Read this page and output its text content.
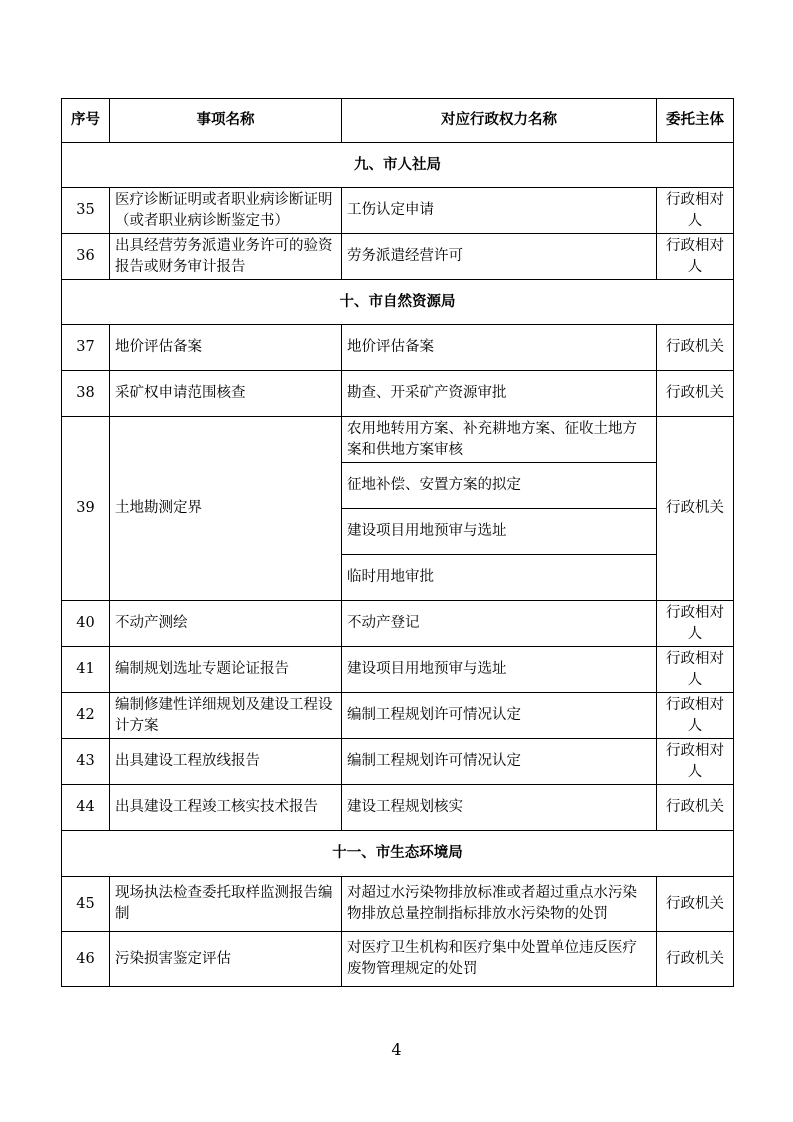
序号	事项名称	对应行政权力名称	委托主体
九、市人社局			
35	医疗诊断证明或者职业病诊断证明（或者职业病诊断鉴定书）	工伤认定申请	行政相对人
36	出具经营劳务派遣业务许可的验资报告或财务审计报告	劳务派遣经营许可	行政相对人
十、市自然资源局			
37	地价评估备案	地价评估备案	行政机关
38	采矿权申请范围核查	勘查、开采矿产资源审批	行政机关
39	土地勘测定界	农用地转用方案、补充耕地方案、征收土地方案和供地方案审核	行政机关
		征地补偿、安置方案的拟定	
		建设项目用地预审与选址	
		临时用地审批	
40	不动产测绘	不动产登记	行政相对人
41	编制规划选址专题论证报告	建设项目用地预审与选址	行政相对人
42	编制修建性详细规划及建设工程设计方案	编制工程规划许可情况认定	行政相对人
43	出具建设工程放线报告	编制工程规划许可情况认定	行政相对人
44	出具建设工程竣工核实技术报告	建设工程规划核实	行政机关
十一、市生态环境局			
45	现场执法检查委托取样监测报告编制	对超过水污染物排放标准或者超过重点水污染物排放总量控制指标排放水污染物的处罚	行政机关
46	污染损害鉴定评估	对医疗卫生机构和医疗集中处置单位违反医疗废物管理规定的处罚	行政机关
4
